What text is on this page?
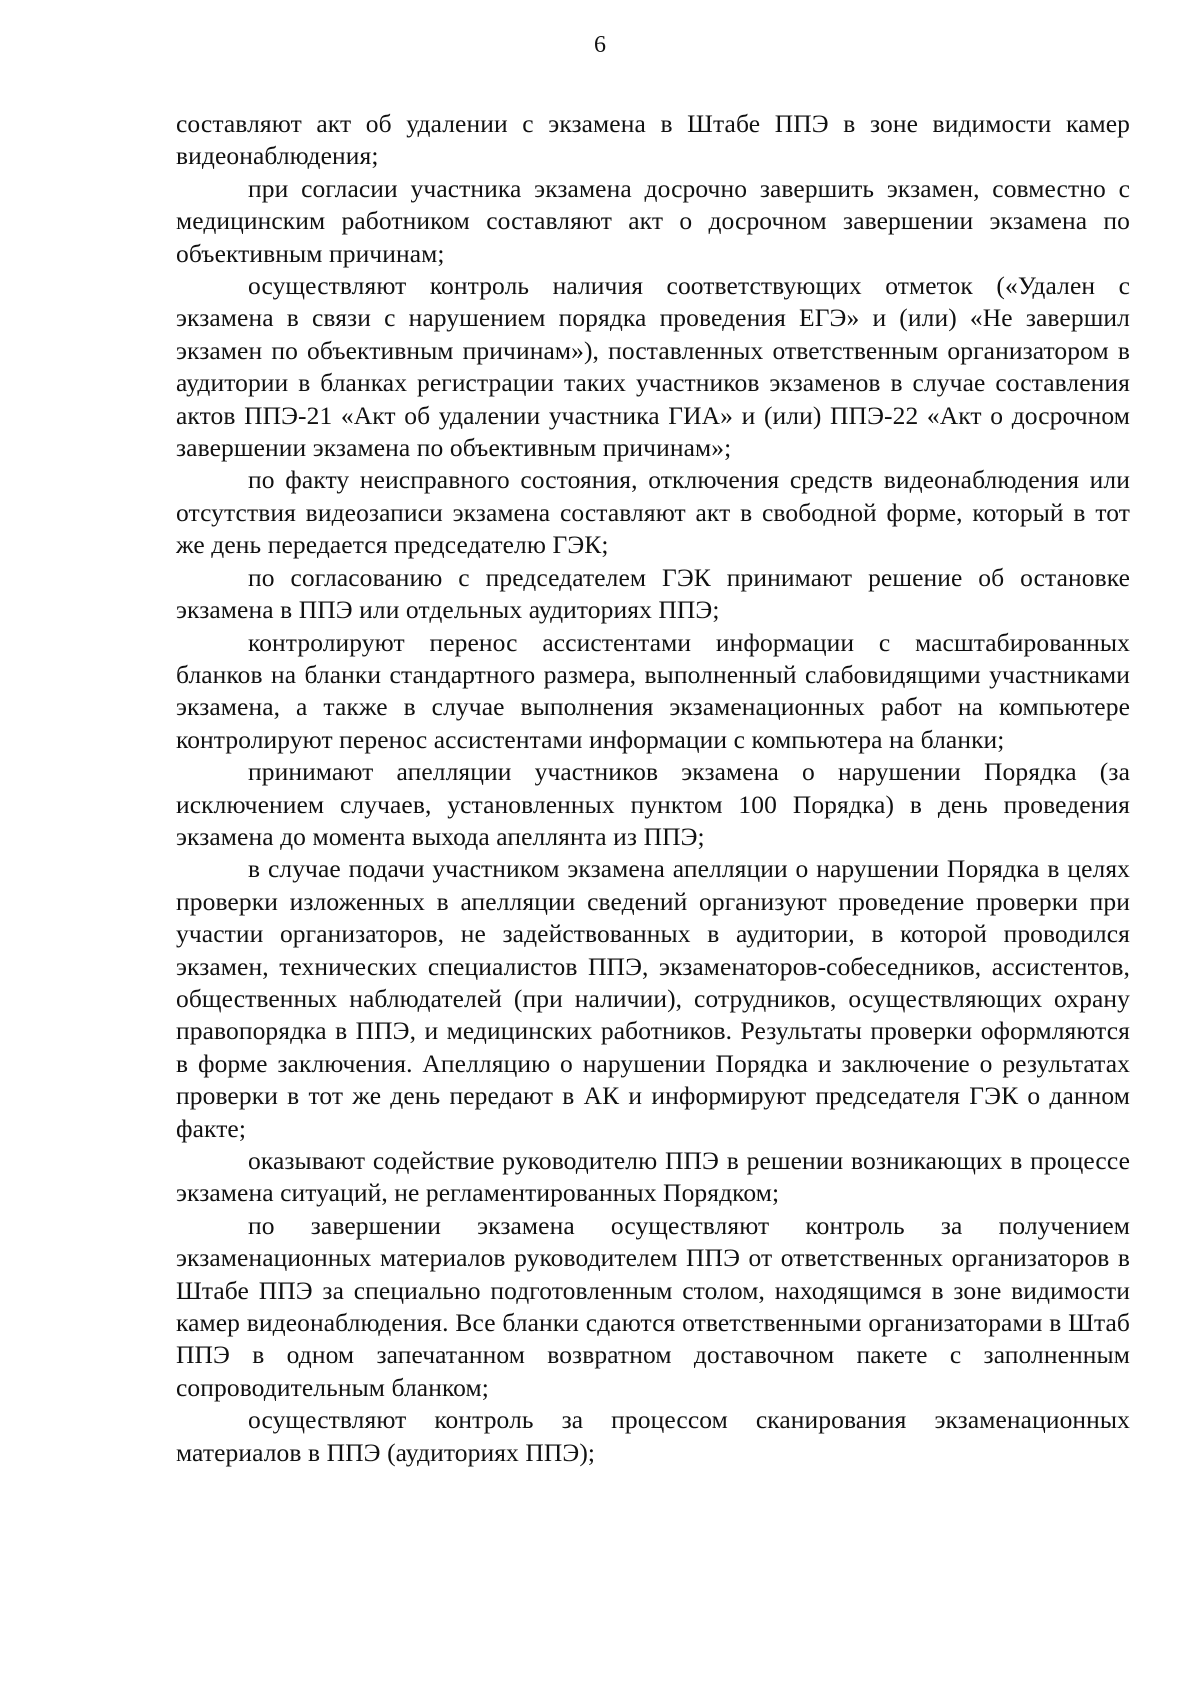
6

составляют акт об удалении с экзамена в Штабе ППЭ в зоне видимости камер видеонаблюдения;

при согласии участника экзамена досрочно завершить экзамен, совместно с медицинским работником составляют акт о досрочном завершении экзамена по объективным причинам;

осуществляют контроль наличия соответствующих отметок («Удален с экзамена в связи с нарушением порядка проведения ЕГЭ» и (или) «Не завершил экзамен по объективным причинам»), поставленных ответственным организатором в аудитории в бланках регистрации таких участников экзаменов в случае составления актов ППЭ-21 «Акт об удалении участника ГИА» и (или) ППЭ-22 «Акт о досрочном завершении экзамена по объективным причинам»;

по факту неисправного состояния, отключения средств видеонаблюдения или отсутствия видеозаписи экзамена составляют акт в свободной форме, который в тот же день передается председателю ГЭК;

по согласованию с председателем ГЭК принимают решение об остановке экзамена в ППЭ или отдельных аудиториях ППЭ;

контролируют перенос ассистентами информации с масштабированных бланков на бланки стандартного размера, выполненный слабовидящими участниками экзамена, а также в случае выполнения экзаменационных работ на компьютере контролируют перенос ассистентами информации с компьютера на бланки;

принимают апелляции участников экзамена о нарушении Порядка (за исключением случаев, установленных пунктом 100 Порядка) в день проведения экзамена до момента выхода апеллянта из ППЭ;

в случае подачи участником экзамена апелляции о нарушении Порядка в целях проверки изложенных в апелляции сведений организуют проведение проверки при участии организаторов, не задействованных в аудитории, в которой проводился экзамен, технических специалистов ППЭ, экзаменаторов-собеседников, ассистентов, общественных наблюдателей (при наличии), сотрудников, осуществляющих охрану правопорядка в ППЭ, и медицинских работников. Результаты проверки оформляются в форме заключения. Апелляцию о нарушении Порядка и заключение о результатах проверки в тот же день передают в АК и информируют председателя ГЭК о данном факте;

оказывают содействие руководителю ППЭ в решении возникающих в процессе экзамена ситуаций, не регламентированных Порядком;

по завершении экзамена осуществляют контроль за получением экзаменационных материалов руководителем ППЭ от ответственных организаторов в Штабе ППЭ за специально подготовленным столом, находящимся в зоне видимости камер видеонаблюдения. Все бланки сдаются ответственными организаторами в Штаб ППЭ в одном запечатанном возвратном доставочном пакете с заполненным сопроводительным бланком;

осуществляют контроль за процессом сканирования экзаменационных материалов в ППЭ (аудиториях ППЭ);
